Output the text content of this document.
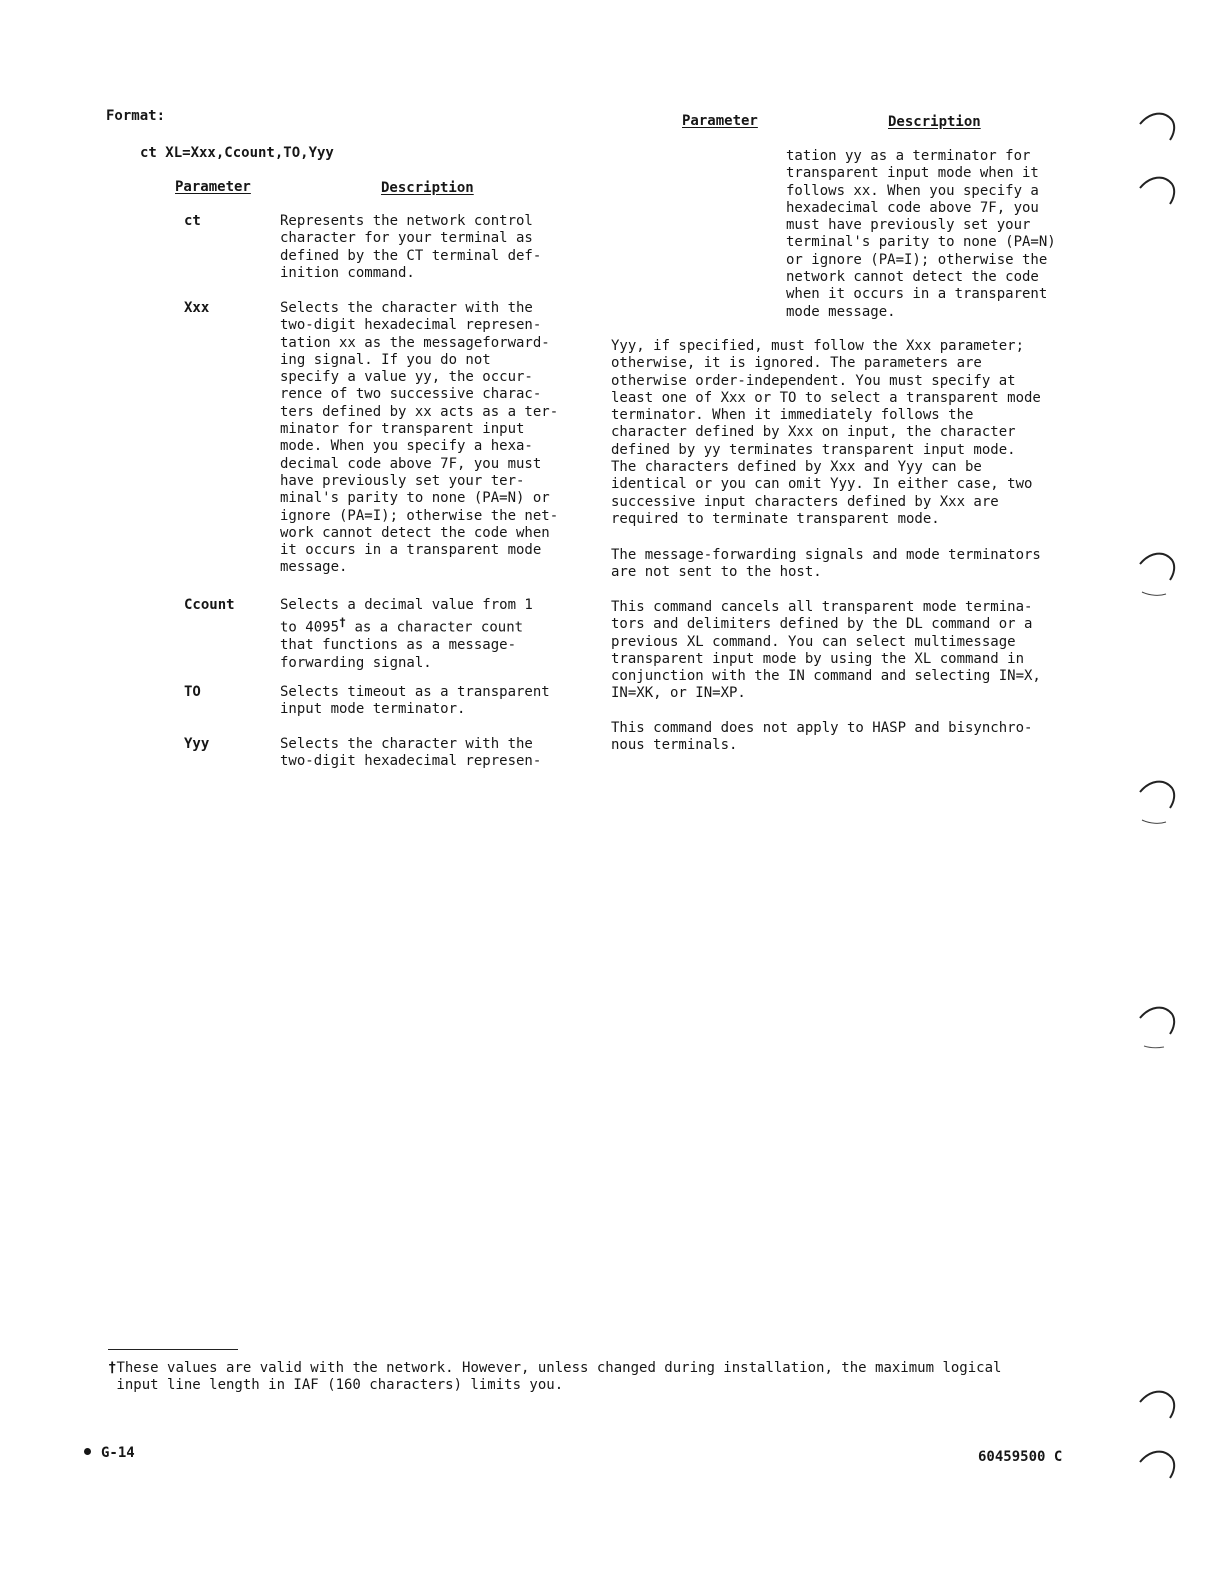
Format:
ct XL=Xxx,Ccount,TO,Yyy
Parameter	Description
ct	Represents the network control
character for your terminal as
defined by the CT terminal def-
inition command.
Xxx	Selects the character with the
two-digit hexadecimal represen-
tation xx as the messageforward-
ing signal. If you do not
specify a value yy, the occur-
rence of two successive charac-
ters defined by xx acts as a ter-
minator for transparent input
mode. When you specify a hexa-
decimal code above 7F, you must
have previously set your ter-
minal's parity to none (PA=N) or
ignore (PA=I); otherwise the net-
work cannot detect the code when
it occurs in a transparent mode
message.
Ccount	Selects a decimal value from 1
to 4095† as a character count
that functions as a message-
forwarding signal.
TO	Selects timeout as a transparent
input mode terminator.
Yyy	Selects the character with the
two-digit hexadecimal represen-
Parameter	Description
tation yy as a terminator for
transparent input mode when it
follows xx. When you specify a
hexadecimal code above 7F, you
must have previously set your
terminal's parity to none (PA=N)
or ignore (PA=I); otherwise the
network cannot detect the code
when it occurs in a transparent
mode message.
Yyy, if specified, must follow the Xxx parameter;
otherwise, it is ignored. The parameters are
otherwise order-independent. You must specify at
least one of Xxx or TO to select a transparent mode
terminator. When it immediately follows the
character defined by Xxx on input, the character
defined by yy terminates transparent input mode.
The characters defined by Xxx and Yyy can be
identical or you can omit Yyy. In either case, two
successive input characters defined by Xxx are
required to terminate transparent mode.
The message-forwarding signals and mode terminators
are not sent to the host.
This command cancels all transparent mode termina-
tors and delimiters defined by the DL command or a
previous XL command. You can select multimessage
transparent input mode by using the XL command in
conjunction with the IN command and selecting IN=X,
IN=XK, or IN=XP.
This command does not apply to HASP and bisynchro-
nous terminals.
†These values are valid with the network. However, unless changed during installation, the maximum logical
input line length in IAF (160 characters) limits you.
G-14	60459500 C
